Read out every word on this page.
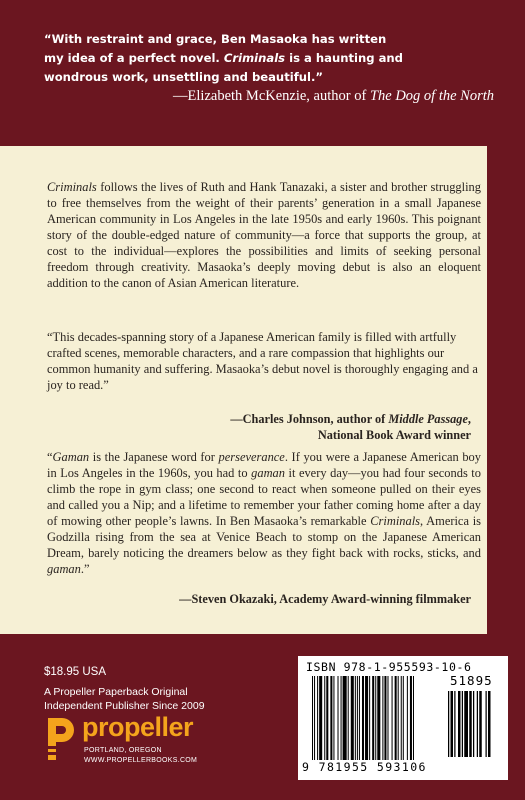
“With restraint and grace, Ben Masaoka has written
my idea of a perfect novel. Criminals is a haunting and
wondrous work, unsettling and beautiful.”
—Elizabeth McKenzie, author of The Dog of the North

Criminals follows the lives of Ruth and Hank Tanazaki, a sister and brother struggling to free themselves from the weight of their parents’ generation in a small Japanese American community in Los Angeles in the late 1950s and early 1960s. This poignant story of the double-edged nature of community—a force that supports the group, at cost to the individual—explores the possibilities and limits of seeking personal freedom through creativity. Masaoka’s deeply moving debut is also an eloquent addition to the canon of Asian American literature.

“This decades-spanning story of a Japanese American family is filled with artfully crafted scenes, memorable characters, and a rare compassion that highlights our common humanity and suffering. Masaoka’s debut novel is thoroughly engaging and a joy to read.”

—Charles Johnson, author of Middle Passage,
National Book Award winner

“Gaman is the Japanese word for perseverance. If you were a Japanese American boy in Los Angeles in the 1960s, you had to gaman it every day—you had four seconds to climb the rope in gym class; one second to react when someone pulled on their eyes and called you a Nip; and a lifetime to remember your father coming home after a day of mowing other people’s lawns. In Ben Masaoka’s remarkable Criminals, America is Godzilla rising from the sea at Venice Beach to stomp on the Japanese American Dream, barely noticing the dreamers below as they fight back with rocks, sticks, and gaman.”

—Steven Okazaki, Academy Award-winning filmmaker
$18.95 USA
A Propeller Paperback Original
Independent Publisher Since 2009
propeller
PORTLAND, OREGON
WWW.PROPELLERBOOKS.COM
ISBN 978-1-955593-10-6
51895
9 781955 593106
